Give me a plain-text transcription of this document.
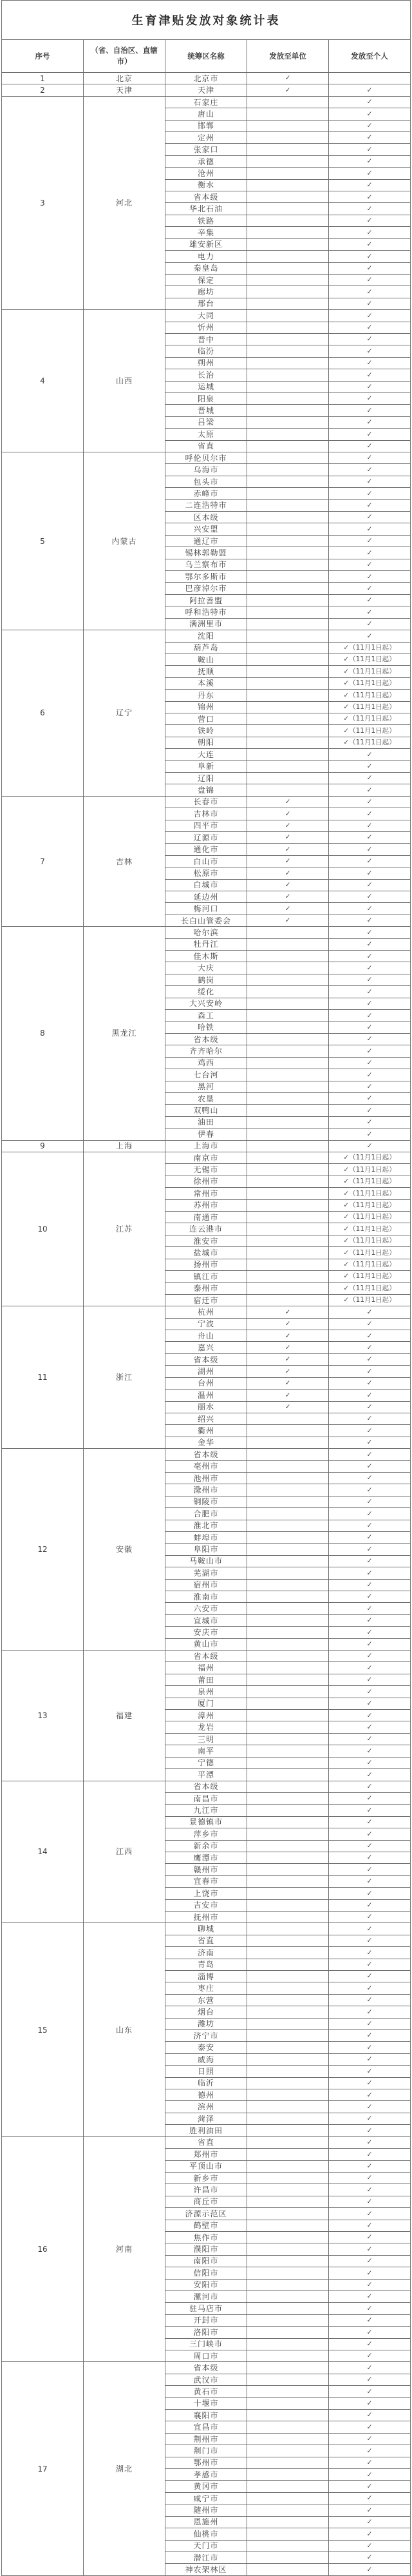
生育津贴发放对象统计表				
序号	（省、自治区、直辖市）	统筹区名称	发放至单位	发放至个人
1	北京	北京市	✓	
2	天津	天津	✓	✓
3	河北	石家庄		✓
		唐山		✓
		邯郸		✓
		定州		✓
		张家口		✓
		承德		✓
		沧州		✓
		衡水		✓
		省本级		✓
		华北石油		✓
		铁路		✓
		辛集		✓
		雄安新区		✓
		电力		✓
		秦皇岛		✓
		保定		✓
		廊坊		✓
		邢台		✓
4	山西	大同		✓
		忻州		✓
		晋中		✓
		临汾		✓
		朔州		✓
		长治		✓
		运城		✓
		阳泉		✓
		晋城		✓
		吕梁		✓
		太原		✓
		省直		✓
5	内蒙古	呼伦贝尔市		✓
		乌海市		✓
		包头市		✓
		赤峰市		✓
		二连浩特市		✓
		区本级		✓
		兴安盟		✓
		通辽市		✓
		锡林郭勒盟		✓
		乌兰察布市		✓
		鄂尔多斯市		✓
		巴彦淖尔市		✓
		阿拉善盟		✓
		呼和浩特市		✓
		满洲里市		✓
6	辽宁	沈阳		✓
		葫芦岛		✓（11月1日起）
		鞍山		✓（11月1日起）
		抚顺		✓（11月1日起）
		本溪		✓（11月1日起）
		丹东		✓（11月1日起）
		锦州		✓（11月1日起）
		营口		✓（11月1日起）
		铁岭		✓（11月1日起）
		朝阳		✓（11月1日起）
		大连		✓
		阜新		✓
		辽阳		✓
		盘锦		✓
7	吉林	长春市	✓	✓
		吉林市	✓	✓
		四平市	✓	✓
		辽源市	✓	✓
		通化市	✓	✓
		白山市	✓	✓
		松原市	✓	✓
		白城市	✓	✓
		延边州	✓	✓
		梅河口	✓	✓
		长白山管委会	✓	✓
8	黑龙江	哈尔滨		✓
		牡丹江		✓
		佳木斯		✓
		大庆		✓
		鹤岗		✓
		绥化		✓
		大兴安岭		✓
		森工		✓
		哈铁		✓
		省本级		✓
		齐齐哈尔		✓
		鸡西		✓
		七台河		✓
		黑河		✓
		农垦		✓
		双鸭山		✓
		油田		✓
		伊春		✓
9	上海	上海市		✓
10	江苏	南京市		✓（11月1日起）
		无锡市		✓（11月1日起）
		徐州市		✓（11月1日起）
		常州市		✓（11月1日起）
		苏州市		✓（11月1日起）
		南通市		✓（11月1日起）
		连云港市		✓（11月1日起）
		淮安市		✓（11月1日起）
		盐城市		✓（11月1日起）
		扬州市		✓（11月1日起）
		镇江市		✓（11月1日起）
		泰州市		✓（11月1日起）
		宿迁市		✓（11月1日起）
11	浙江	杭州	✓	✓
		宁波	✓	✓
		舟山	✓	✓
		嘉兴	✓	✓
		省本级	✓	✓
		湖州	✓	✓
		台州	✓	✓
		温州	✓	✓
		丽水	✓	✓
		绍兴		✓
		衢州		✓
		金华		✓
12	安徽	省本级		✓
		亳州市		✓
		池州市		✓
		滁州市		✓
		铜陵市		✓
		合肥市		✓
		淮北市		✓
		蚌埠市		✓
		阜阳市		✓
		马鞍山市		✓
		芜湖市		✓
		宿州市		✓
		淮南市		✓
		六安市		✓
		宣城市		✓
		安庆市		✓
		黄山市		✓
13	福建	省本级		✓
		福州		✓
		莆田		✓
		泉州		✓
		厦门		✓
		漳州		✓
		龙岩		✓
		三明		✓
		南平		✓
		宁德		✓
		平潭		✓
14	江西	省本级		✓
		南昌市		✓
		九江市		✓
		景德镇市		✓
		萍乡市		✓
		新余市		✓
		鹰潭市		✓
		赣州市		✓
		宜春市		✓
		上饶市		✓
		吉安市		✓
		抚州市		✓
15	山东	聊城		✓
		省直		✓
		济南		✓
		青岛		✓
		淄博		✓
		枣庄		✓
		东营		✓
		烟台		✓
		潍坊		✓
		济宁市		✓
		泰安		✓
		威海		✓
		日照		✓
		临沂		✓
		德州		✓
		滨州		✓
		菏泽		✓
		胜利油田		✓
16	河南	省直		✓
		郑州市		✓
		平顶山市		✓
		新乡市		✓
		许昌市		✓
		商丘市		✓
		济源示范区		✓
		鹤壁市		✓
		焦作市		✓
		濮阳市		✓
		南阳市		✓
		信阳市		✓
		安阳市		✓
		漯河市		✓
		驻马店市		✓
		开封市		✓
		洛阳市		✓
		三门峡市		✓
		周口市		✓
17	湖北	省本级		✓
		武汉市		✓
		黄石市		✓
		十堰市		✓
		襄阳市		✓
		宜昌市		✓
		荆州市		✓
		荆门市		✓
		鄂州市		✓
		孝感市		✓
		黄冈市		✓
		咸宁市		✓
		随州市		✓
		恩施州		✓
		仙桃市		✓
		天门市		✓
		潜江市		✓
		神农架林区		✓
